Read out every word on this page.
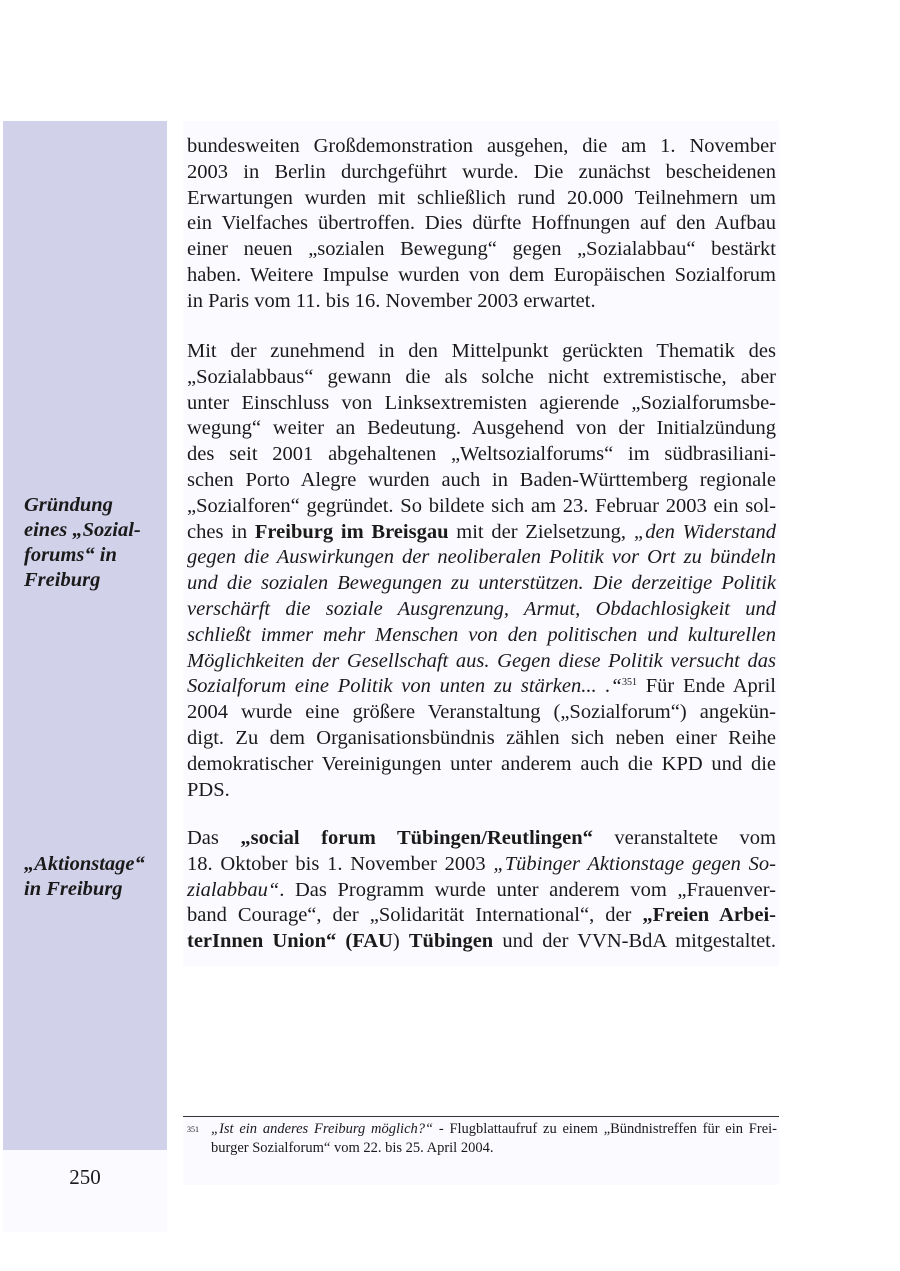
Gründung
eines „Sozial-
forums“ in
Freiburg
„Aktionstage“
in Freiburg
250
bundesweiten Großdemonstration ausgehen, die am 1. November
2003 in Berlin durchgeführt wurde. Die zunächst bescheidenen
Erwartungen wurden mit schließlich rund 20.000 Teilnehmern um
ein Vielfaches übertroffen. Dies dürfte Hoffnungen auf den Aufbau
einer neuen „sozialen Bewegung“ gegen „Sozialabbau“ bestärkt
haben. Weitere Impulse wurden von dem Europäischen Sozialforum
in Paris vom 11. bis 16. November 2003 erwartet.
Mit der zunehmend in den Mittelpunkt gerückten Thematik des
„Sozialabbaus“ gewann die als solche nicht extremistische, aber
unter Einschluss von Linksextremisten agierende „Sozialforumsbe-
wegung“ weiter an Bedeutung. Ausgehend von der Initialzündung
des seit 2001 abgehaltenen „Weltsozialforums“ im südbrasiliani-
schen Porto Alegre wurden auch in Baden-Württemberg regionale
„Sozialforen“ gegründet. So bildete sich am 23. Februar 2003 ein sol-
ches in Freiburg im Breisgau mit der Zielsetzung, „den Widerstand
gegen die Auswirkungen der neoliberalen Politik vor Ort zu bündeln
und die sozialen Bewegungen zu unterstützen. Die derzeitige Politik
verschärft die soziale Ausgrenzung, Armut, Obdachlosigkeit und
schließt immer mehr Menschen von den politischen und kulturellen
Möglichkeiten der Gesellschaft aus. Gegen diese Politik versucht das
Sozialforum eine Politik von unten zu stärken... .“$^{351}$ Für Ende April
2004 wurde eine größere Veranstaltung („Sozialforum“) angekün-
digt. Zu dem Organisationsbündnis zählen sich neben einer Reihe
demokratischer Vereinigungen unter anderem auch die KPD und die
PDS.
Das „social forum Tübingen/Reutlingen“ veranstaltete vom
18. Oktober bis 1. November 2003 „Tübinger Aktionstage gegen So-
zialabbau“. Das Programm wurde unter anderem vom „Frauenver-
band Courage“, der „Solidarität International“, der „Freien Arbei-
terInnen Union“ (FAU) Tübingen und der VVN-BdA mitgestaltet.
351 „Ist ein anderes Freiburg möglich?“ - Flugblattaufruf zu einem „Bündnistreffen für ein Frei-
burger Sozialforum“ vom 22. bis 25. April 2004.
